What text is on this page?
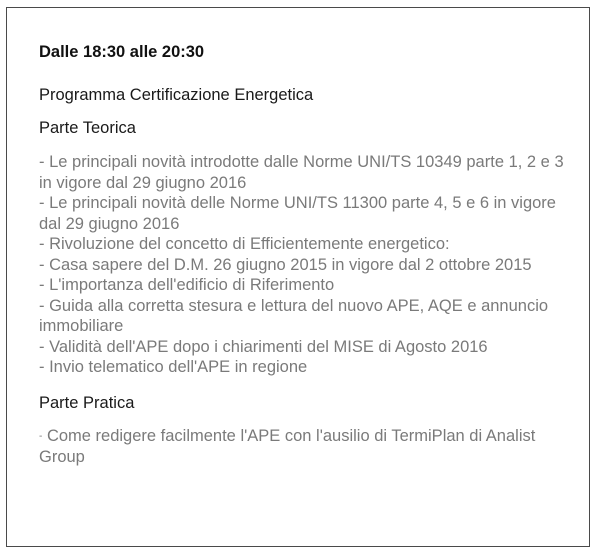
Dalle 18:30 alle 20:30

Programma Certificazione Energetica

Parte Teorica

- Le principali novità introdotte dalle Norme UNI/TS 10349 parte 1, 2 e 3 in vigore dal 29 giugno 2016
- Le principali novità delle Norme UNI/TS 11300 parte 4, 5 e 6 in vigore dal 29 giugno 2016
- Rivoluzione del concetto di Efficientemente energetico:
- Casa sapere del D.M. 26 giugno 2015 in vigore dal 2 ottobre 2015
- L'importanza dell'edificio di Riferimento
- Guida alla corretta stesura e lettura del nuovo APE, AQE e annuncio immobiliare
- Validità dell'APE dopo i chiarimenti del MISE di Agosto 2016
- Invio telematico dell'APE in regione

Parte Pratica

- Come redigere facilmente l'APE con l'ausilio di TermiPlan di Analist Group
